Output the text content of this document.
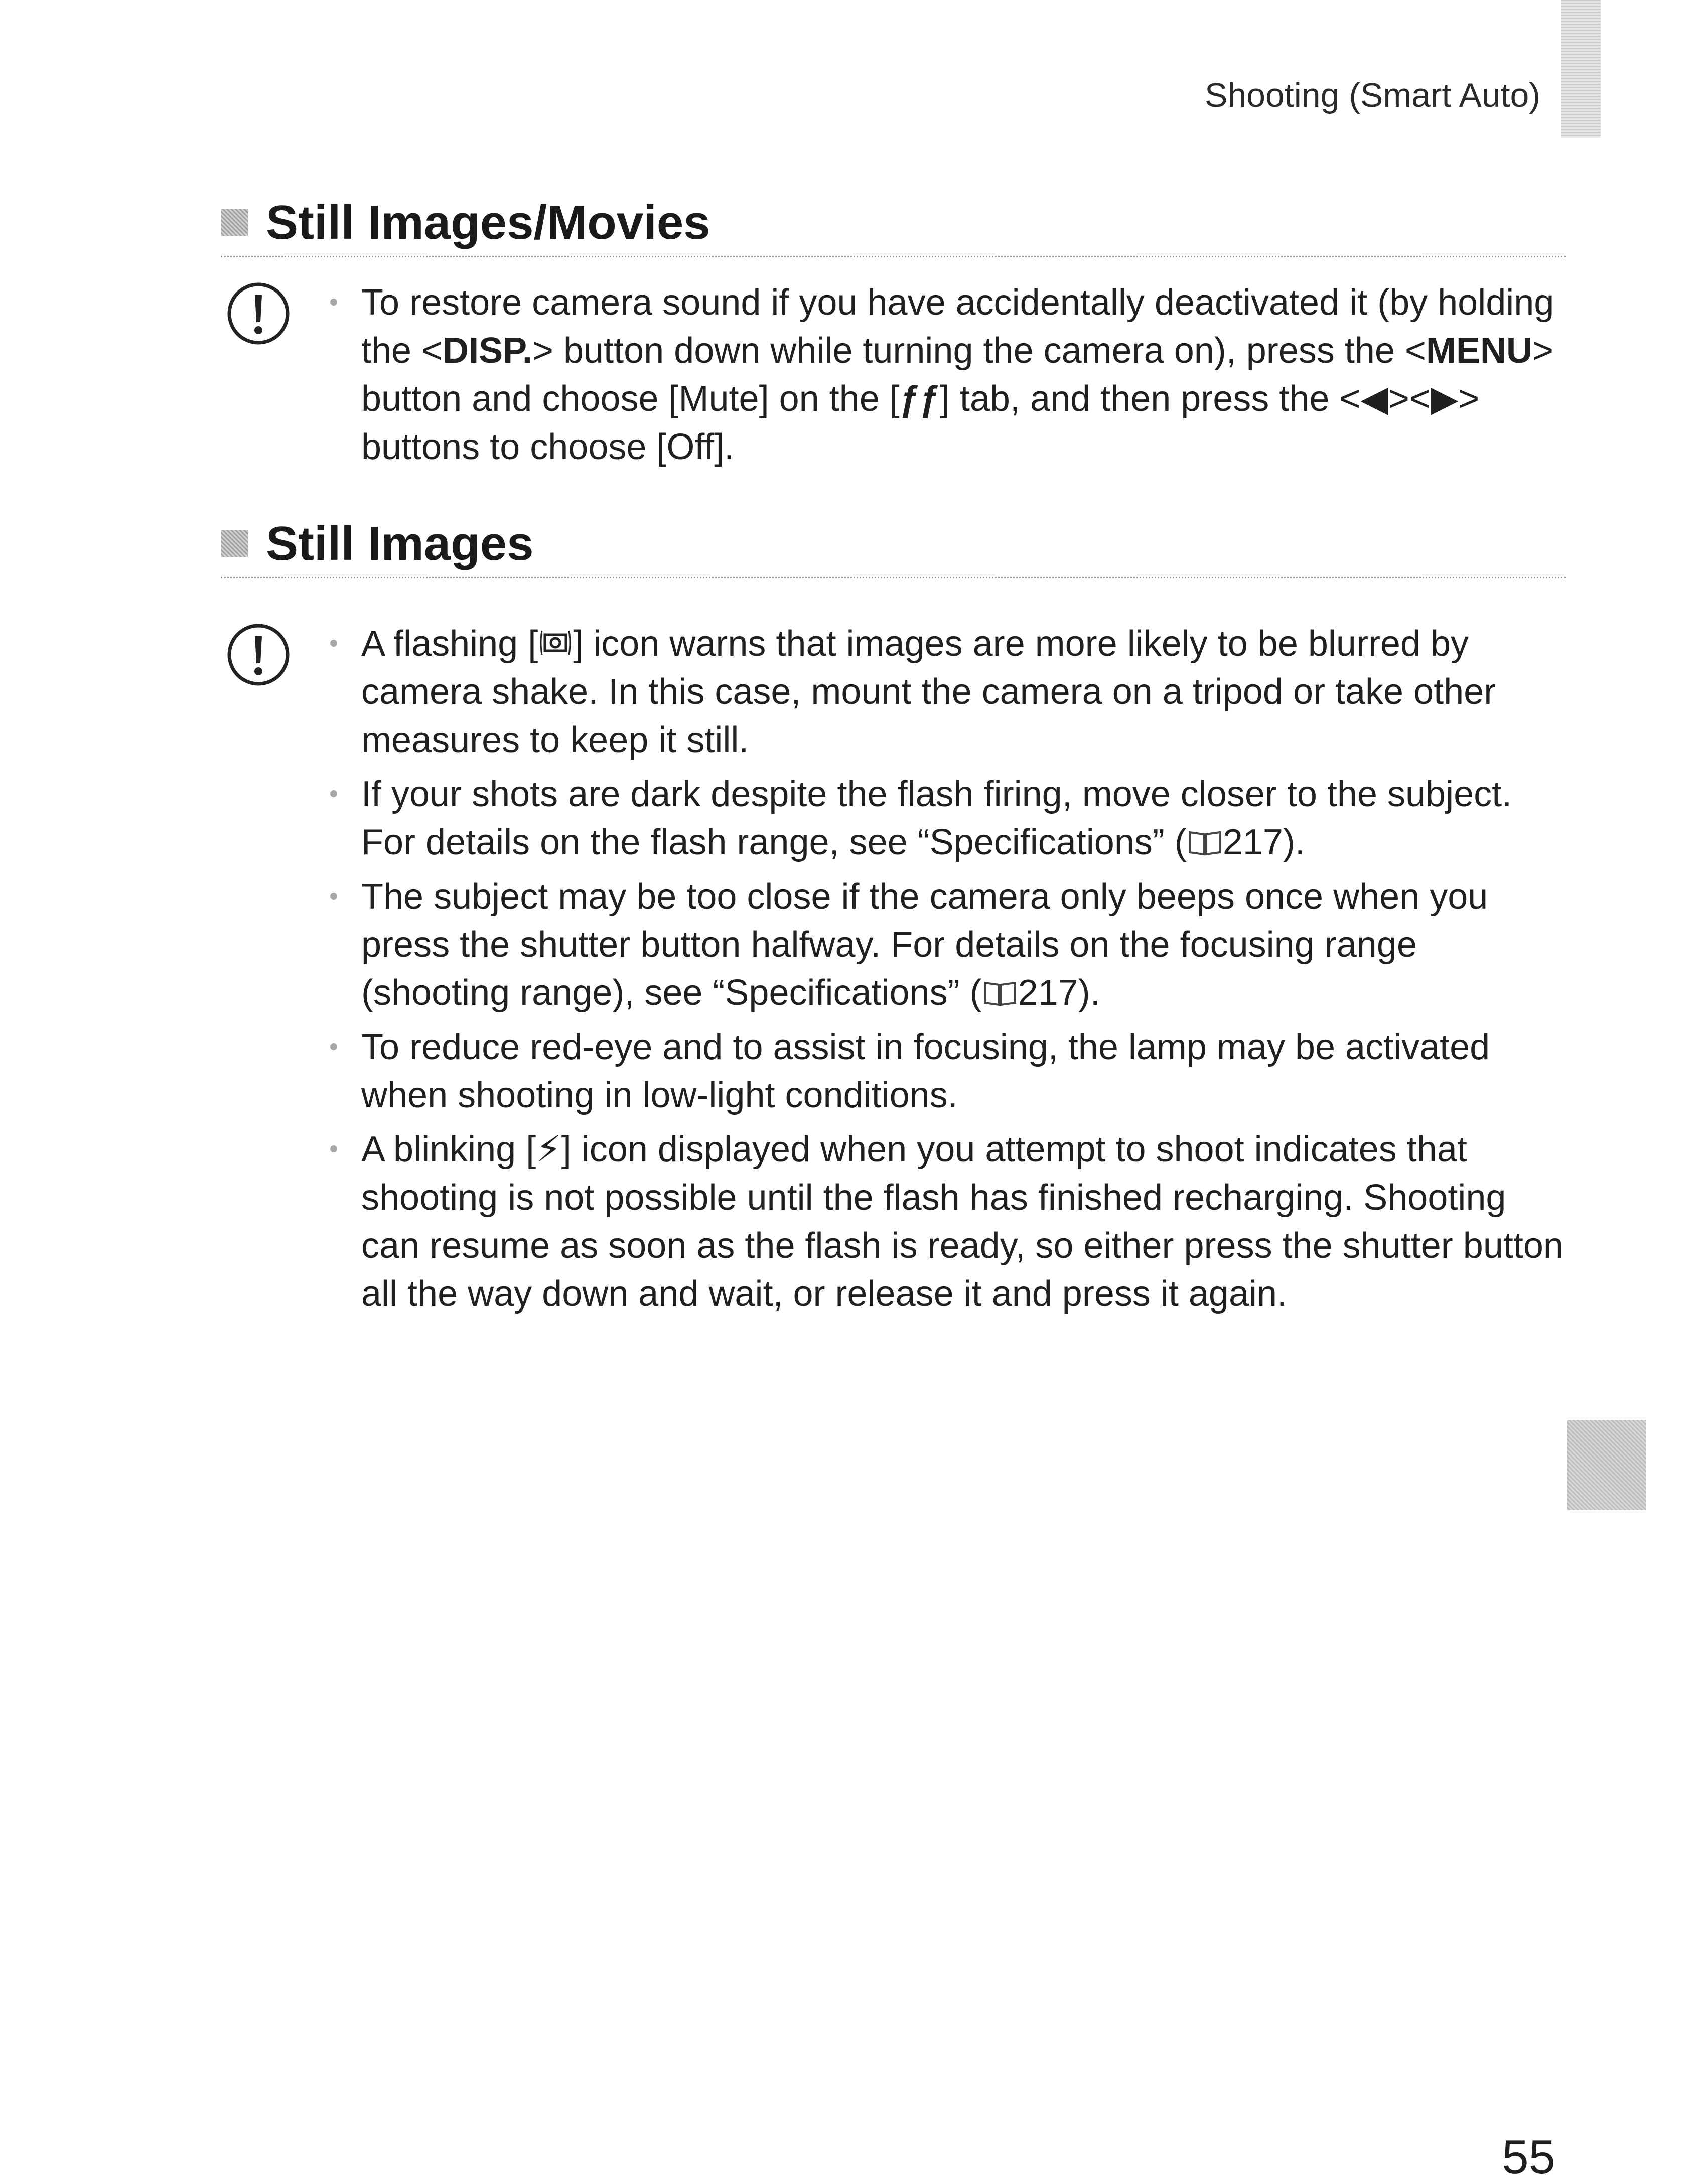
Shooting (Smart Auto)
Still Images/Movies
To restore camera sound if you have accidentally deactivated it (by holding the <DISP.> button down while turning the camera on), press the <MENU> button and choose [Mute] on the [ƒƒ] tab, and then press the <◀><▶> buttons to choose [Off].
Still Images
A flashing [ ] icon warns that images are more likely to be blurred by camera shake. In this case, mount the camera on a tripod or take other measures to keep it still.
If your shots are dark despite the flash firing, move closer to the subject. For details on the flash range, see “Specifications” ( 217).
The subject may be too close if the camera only beeps once when you press the shutter button halfway. For details on the focusing range (shooting range), see “Specifications” ( 217).
To reduce red-eye and to assist in focusing, the lamp may be activated when shooting in low-light conditions.
A blinking [⚡] icon displayed when you attempt to shoot indicates that shooting is not possible until the flash has finished recharging. Shooting can resume as soon as the flash is ready, so either press the shutter button all the way down and wait, or release it and press it again.
55
